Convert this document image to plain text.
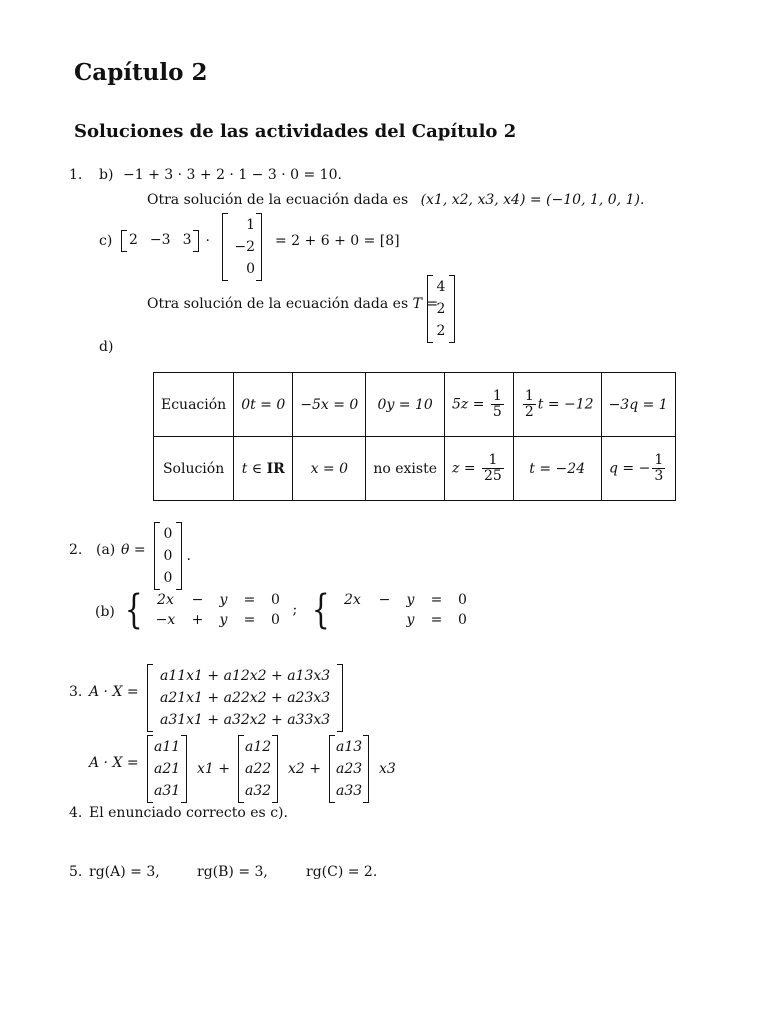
Capítulo 2
Soluciones de las actividades del Capítulo 2
1. b) −1 + 3 · 3 + 2 · 1 − 3 · 0 = 10.
Otra solución de la ecuación dada es (x1, x2, x3, x4) = (−10, 1, 0, 1).
c) 2 −3 3 ·
1
−2
0
= 2 + 6 + 0 = [8]
Otra solución de la ecuación dada es T =
4
2
2
d)
Ecuación	0t = 0	−5x = 0	0y = 10	$5z = \frac{1}{5}$	$\frac{1}{2}$ t = −12	−3q = 1
Solución	t ∈ IR	x = 0	no existe	$z = \frac{1}{25}$	t = −24	q = − $\frac{1}{3}$
2. (a) θ =
0
0
0
.
(b) {	2x	− y = 0
−x + y = 0
; {	2x	− y = 0
y = 0
3. A · X =
a11x1 + a12x2 + a13x3
a21x1 + a22x2 + a23x3
a31x1 + a32x2 + a33x3
A · X =
a11
a21
a31
x1 +
a12
a22
a32
x2 +
a13
a23
a33
x3
4. El enunciado correcto es c).
5. rg(A) = 3,	rg(B) = 3,	rg(C) = 2.
